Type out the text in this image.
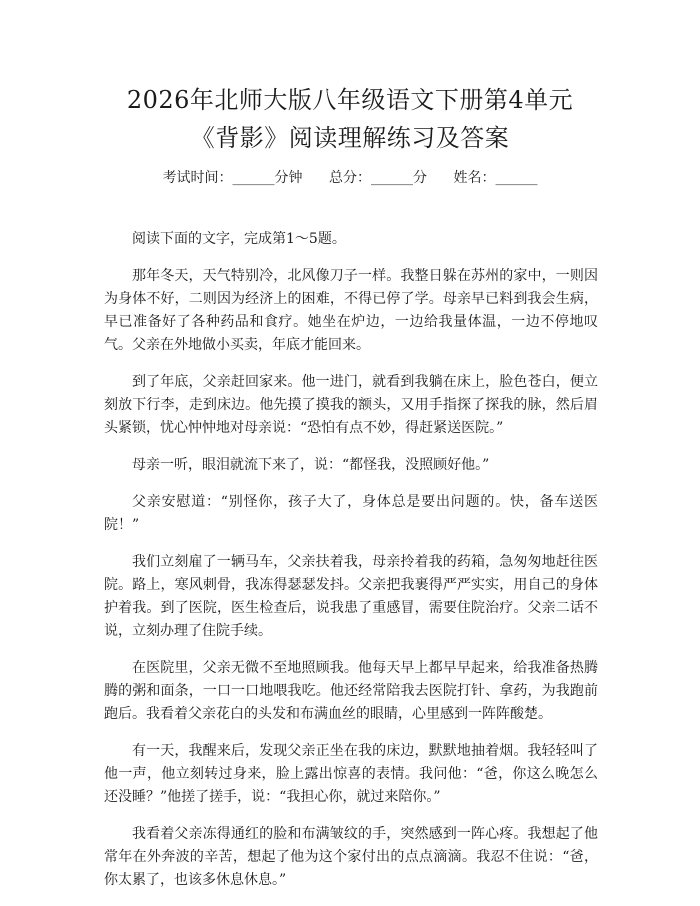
2026年北师大版八年级语文下册第4单元
《背影》阅读理解练习及答案
考试时间：______分钟 总分：______分 姓名：______

阅读下面的文字，完成第1～5题。

那年冬天，天气特别冷，北风像刀子一样。我整日躲在苏州的家中，一则因为身体不好，二则因为经济上的困难，不得已停了学。母亲早已料到我会生病，早已准备好了各种药品和食疗。她坐在炉边，一边给我量体温，一边不停地叹气。父亲在外地做小买卖，年底才能回来。

到了年底，父亲赶回家来。他一进门，就看到我躺在床上，脸色苍白，便立刻放下行李，走到床边。他先摸了摸我的额头，又用手指探了探我的脉，然后眉头紧锁，忧心忡忡地对母亲说：“恐怕有点不妙，得赶紧送医院。”

母亲一听，眼泪就流下来了，说：“都怪我，没照顾好他。”

父亲安慰道：“别怪你，孩子大了，身体总是要出问题的。快，备车送医院！”

我们立刻雇了一辆马车，父亲扶着我，母亲拎着我的药箱，急匆匆地赶往医院。路上，寒风刺骨，我冻得瑟瑟发抖。父亲把我裹得严严实实，用自己的身体护着我。到了医院，医生检查后，说我患了重感冒，需要住院治疗。父亲二话不说，立刻办理了住院手续。

在医院里，父亲无微不至地照顾我。他每天早上都早早起来，给我准备热腾腾的粥和面条，一口一口地喂我吃。他还经常陪我去医院打针、拿药，为我跑前跑后。我看着父亲花白的头发和布满血丝的眼睛，心里感到一阵阵酸楚。

有一天，我醒来后，发现父亲正坐在我的床边，默默地抽着烟。我轻轻叫了他一声，他立刻转过身来，脸上露出惊喜的表情。我问他：“爸，你这么晚怎么还没睡？”他搓了搓手，说：“我担心你，就过来陪你。”

我看着父亲冻得通红的脸和布满皱纹的手，突然感到一阵心疼。我想起了他常年在外奔波的辛苦，想起了他为这个家付出的点点滴滴。我忍不住说：“爸，你太累了，也该多休息休息。”
